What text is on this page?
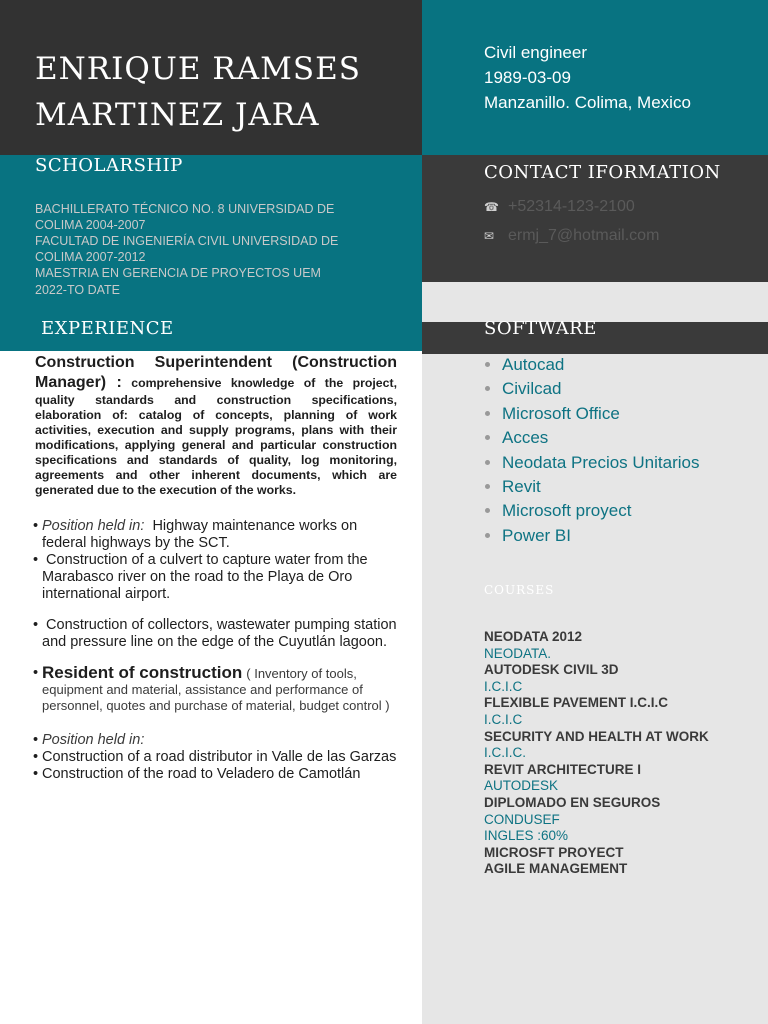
ENRIQUE RAMSES
MARTINEZ JARA
Civil engineer
1989-03-09
Manzanillo. Colima, Mexico
SCHOLARSHIP
BACHILLERATO TÉCNICO NO. 8 UNIVERSIDAD DE
COLIMA 2004-2007
FACULTAD DE INGENIERÍA CIVIL UNIVERSIDAD DE
COLIMA 2007-2012
MAESTRIA EN GERENCIA DE PROYECTOS UEM
2022-TO DATE
CONTACT IFORMATION
☎ +52314-123-2100
✉ ermj_7@hotmail.com
EXPERIENCE

Construction Superintendent (Construction Manager) : comprehensive knowledge of the project, quality standards and construction specifications, elaboration of: catalog of concepts, planning of work activities, execution and supply programs, plans with their modifications, applying general and particular construction specifications and standards of quality, log monitoring, agreements and other inherent documents, which are generated due to the execution of the works.

• Position held in: Highway maintenance works on federal highways by the SCT.
• Construction of a culvert to capture water from the Marabasco river on the road to the Playa de Oro international airport.
• Construction of collectors, wastewater pumping station and pressure line on the edge of the Cuyutlán lagoon.
• Resident of construction ( Inventory of tools, equipment and material, assistance and performance of personnel, quotes and purchase of material, budget control )
• Position held in:
• Construction of a road distributor in Valle de las Garzas
• Construction of the road to Veladero de Camotlán
SOFTWARE
Autocad
Civilcad
Microsoft Office
Acces
Neodata Precios Unitarios
Revit
Microsoft proyect
Power BI
COURSES
NEODATA 2012
NEODATA.
AUTODESK CIVIL 3D
I.C.I.C
FLEXIBLE PAVEMENT I.C.I.C
I.C.I.C
SECURITY AND HEALTH AT WORK
I.C.I.C.
REVIT ARCHITECTURE I
AUTODESK
DIPLOMADO EN SEGUROS
CONDUSEF
INGLES :60%
MICROSFT PROYECT
AGILE MANAGEMENT
